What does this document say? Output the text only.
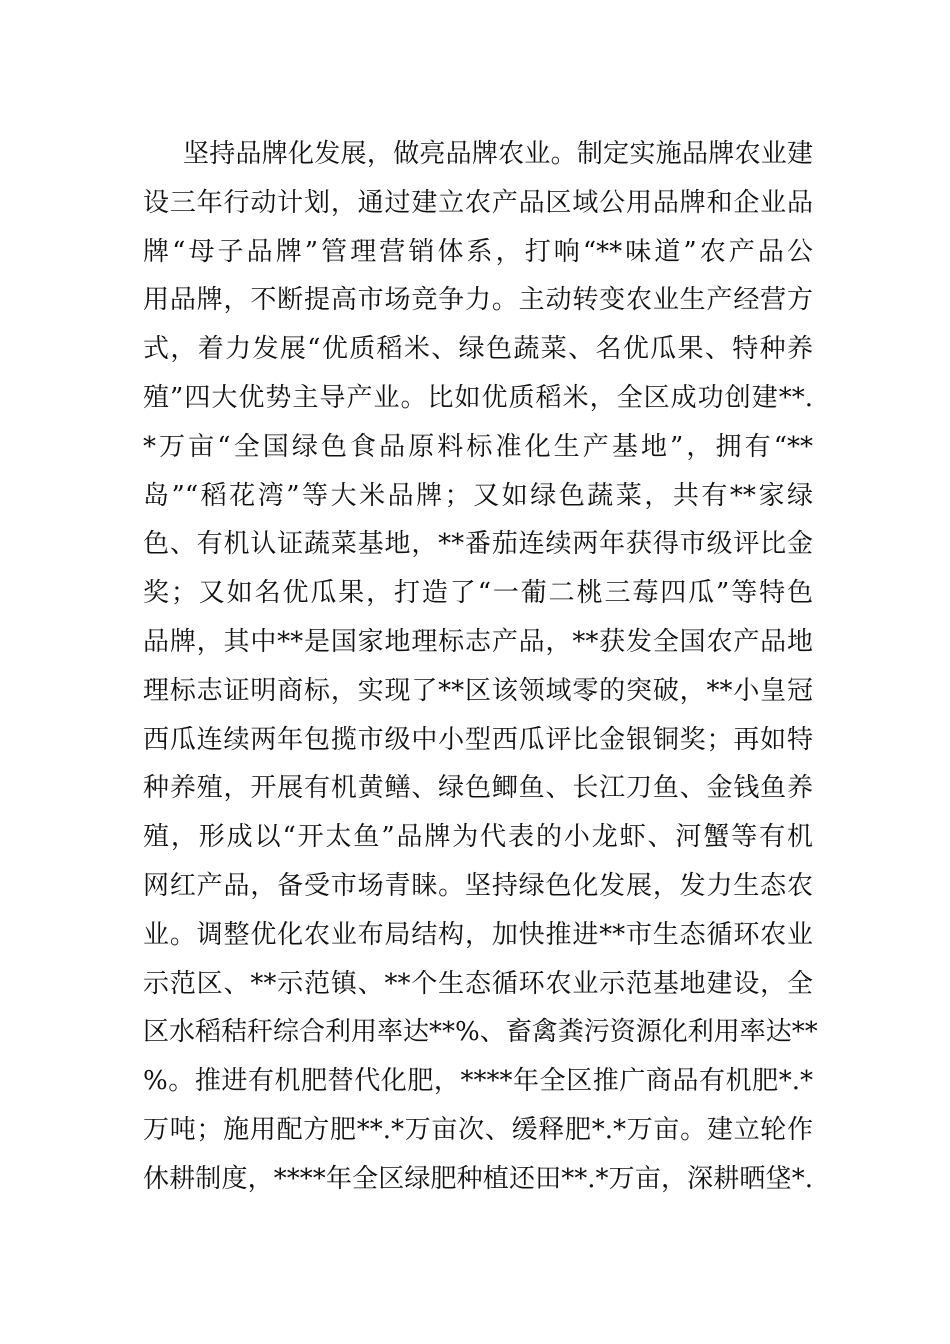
坚持品牌化发展，做亮品牌农业。制定实施品牌农业建
设三年行动计划，通过建立农产品区域公用品牌和企业品
牌“母子品牌”管理营销体系，打响“**味道”农产品公
用品牌，不断提高市场竞争力。主动转变农业生产经营方
式，着力发展“优质稻米、绿色蔬菜、名优瓜果、特种养
殖”四大优势主导产业。比如优质稻米，全区成功创建**.
*万亩“全国绿色食品原料标准化生产基地”，拥有“**
岛”“稻花湾”等大米品牌；又如绿色蔬菜，共有**家绿
色、有机认证蔬菜基地，**番茄连续两年获得市级评比金
奖；又如名优瓜果，打造了“一葡二桃三莓四瓜”等特色
品牌，其中**是国家地理标志产品，**获发全国农产品地
理标志证明商标，实现了**区该领域零的突破，**小皇冠
西瓜连续两年包揽市级中小型西瓜评比金银铜奖；再如特
种养殖，开展有机黄鳝、绿色鲫鱼、长江刀鱼、金钱鱼养
殖，形成以“开太鱼”品牌为代表的小龙虾、河蟹等有机
网红产品，备受市场青睐。坚持绿色化发展，发力生态农
业。调整优化农业布局结构，加快推进**市生态循环农业
示范区、**示范镇、**个生态循环农业示范基地建设，全
区水稻秸秆综合利用率达**%、畜禽粪污资源化利用率达**
%。推进有机肥替代化肥，****年全区推广商品有机肥*.*
万吨；施用配方肥**.*万亩次、缓释肥*.*万亩。建立轮作
休耕制度，****年全区绿肥种植还田**.*万亩，深耕晒垡*.
